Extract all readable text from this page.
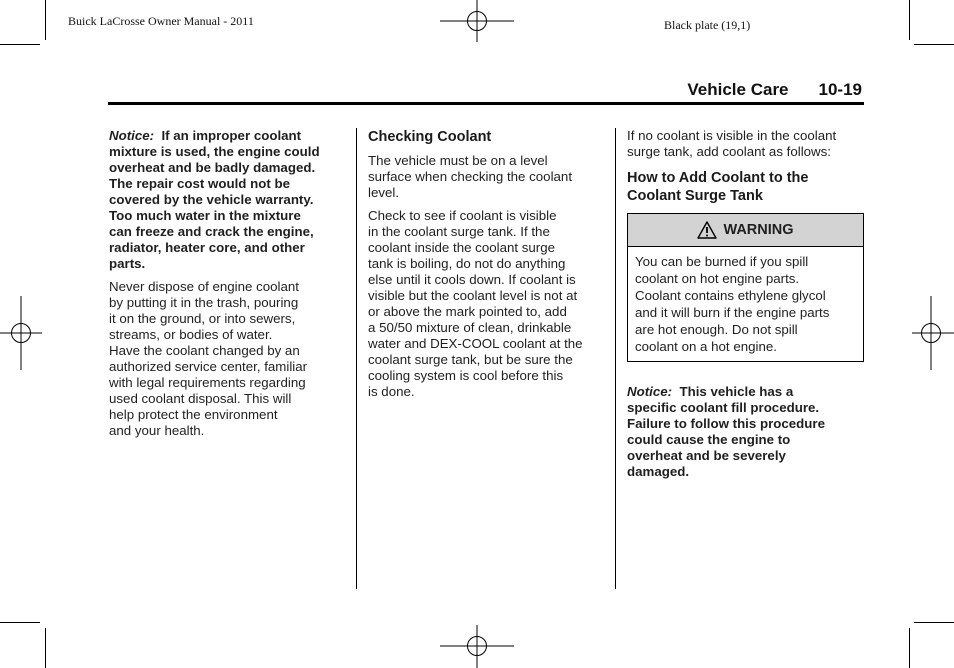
Buick LaCrosse Owner Manual - 2011	Black plate (19,1)
Vehicle Care 10-19

Notice: If an improper coolant
mixture is used, the engine could
overheat and be badly damaged.
The repair cost would not be
covered by the vehicle warranty.
Too much water in the mixture
can freeze and crack the engine,
radiator, heater core, and other
parts.

Never dispose of engine coolant
by putting it in the trash, pouring
it on the ground, or into sewers,
streams, or bodies of water.
Have the coolant changed by an
authorized service center, familiar
with legal requirements regarding
used coolant disposal. This will
help protect the environment
and your health.

Checking Coolant

The vehicle must be on a level
surface when checking the coolant
level.

Check to see if coolant is visible
in the coolant surge tank. If the
coolant inside the coolant surge
tank is boiling, do not do anything
else until it cools down. If coolant is
visible but the coolant level is not at
or above the mark pointed to, add
a 50/50 mixture of clean, drinkable
water and DEX-COOL coolant at the
coolant surge tank, but be sure the
cooling system is cool before this
is done.

If no coolant is visible in the coolant
surge tank, add coolant as follows:

How to Add Coolant to the
Coolant Surge Tank
WARNING
You can be burned if you spill
coolant on hot engine parts.
Coolant contains ethylene glycol
and it will burn if the engine parts
are hot enough. Do not spill
coolant on a hot engine.

Notice: This vehicle has a
specific coolant fill procedure.
Failure to follow this procedure
could cause the engine to
overheat and be severely
damaged.
